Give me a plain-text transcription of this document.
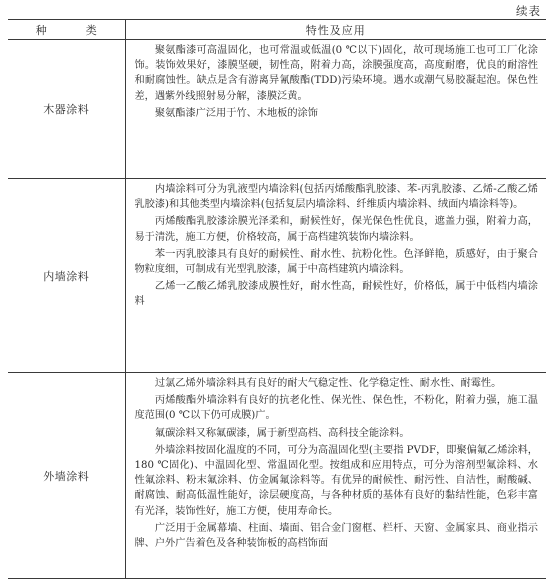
续表
种　类	特性及应用
木器涂料	聚氨酯漆可高温固化，也可常温或低温(0 ℃以下)固化，故可现场施工也可工厂化涂饰。装饰效果好，漆膜坚硬，韧性高，附着力高，涂膜强度高，高度耐磨，优良的耐溶性和耐腐蚀性。缺点是含有游离异氰酸酯(TDD)污染环境。遇水或潮气易胶凝起泡。保色性差，遇紫外线照射易分解，漆膜泛黄。

聚氨酯漆广泛用于竹、木地板的涂饰

内墙涂料	内墙涂料可分为乳液型内墙涂料(包括丙烯酸酯乳胶漆、苯-丙乳胶漆、乙烯-乙酸乙烯乳胶漆)和其他类型内墙涂料(包括复层内墙涂料、纤维质内墙涂料、绒面内墙涂料等)。

丙烯酸酯乳胶漆涂膜光泽柔和，耐候性好，保光保色性优良，遮盖力强，附着力高，易于清洗，施工方便，价格较高，属于高档建筑装饰内墙涂料。

苯一丙乳胶漆具有良好的耐候性、耐水性、抗粉化性。色泽鲜艳，质感好，由于聚合物粒度细，可制成有光型乳胶漆，属于中高档建筑内墙涂料。

乙烯一乙酸乙烯乳胶漆成膜性好，耐水性高，耐候性好，价格低，属于中低档内墙涂料

外墙涂料	过氯乙烯外墙涂料具有良好的耐大气稳定性、化学稳定性、耐水性、耐霉性。

丙烯酸酯外墙涂料有良好的抗老化性、保光性、保色性，不粉化，附着力强，施工温度范围(0 ℃以下仍可成膜)广。

氟碳涂料又称氟碳漆，属于新型高档、高科技全能涂料。

外墙涂料按固化温度的不同，可分为高温固化型(主要指 PVDF，即聚偏氟乙烯涂料，180 ℃固化)、中温固化型、常温固化型。按组成和应用特点，可分为溶剂型氟涂料、水性氟涂料、粉末氟涂料、仿金属氟涂料等。有优异的耐候性、耐污性、自洁性，耐酸碱、耐腐蚀、耐高低温性能好，涂层硬度高，与各种材质的基体有良好的黏结性能，色彩丰富有光泽，装饰性好，施工方便，使用寿命长。

广泛用于金属幕墙、柱面、墙面、铝合金门窗框、栏杆、天窗、金属家具、商业指示牌、户外广告着色及各种装饰板的高档饰面
